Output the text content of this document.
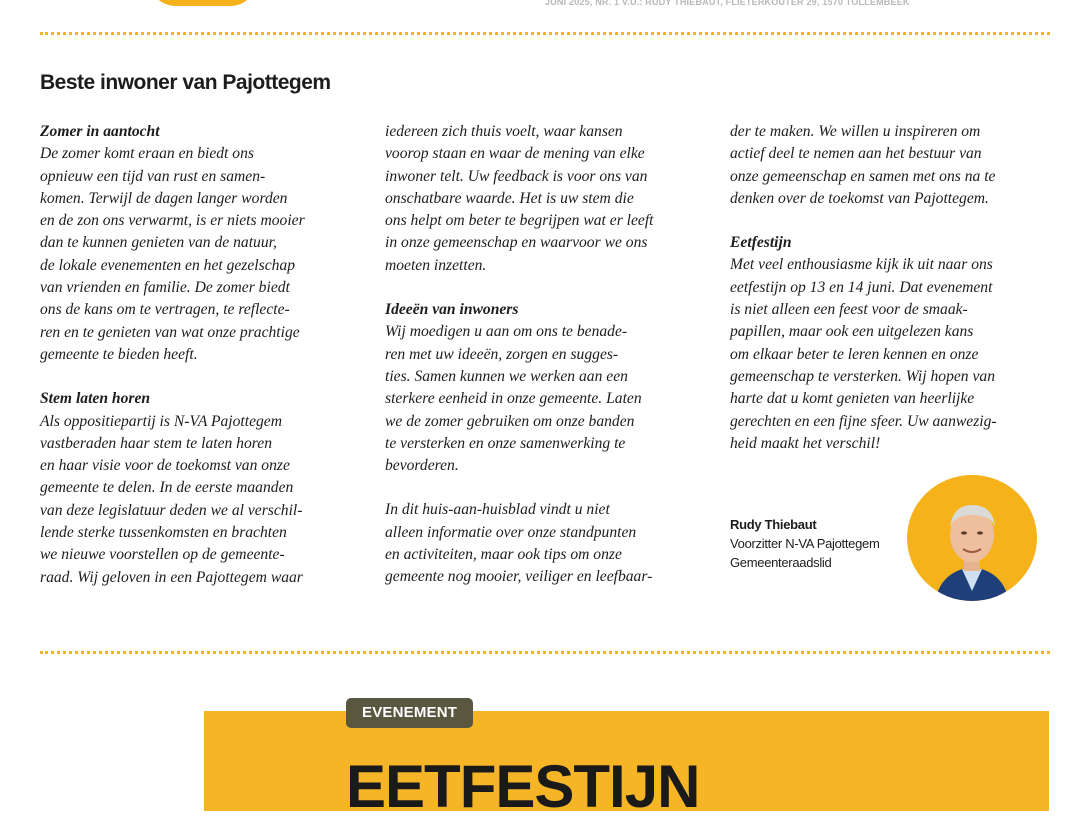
JUNI 2025, NR. 1 V.U.: RUDY THIEBAUT, FLIETERKOUTER 29, 1570 TOLLEMBEEK
Beste inwoner van Pajottegem
Zomer in aantocht

De zomer komt eraan en biedt ons
opnieuw een tijd van rust en samen-
komen. Terwijl de dagen langer worden
en de zon ons verwarmt, is er niets mooier
dan te kunnen genieten van de natuur,
de lokale evenementen en het gezelschap
van vrienden en familie. De zomer biedt
ons de kans om te vertragen, te reflecte-
ren en te genieten van wat onze prachtige
gemeente te bieden heeft.

Stem laten horen

Als oppositiepartij is N-VA Pajottegem
vastberaden haar stem te laten horen
en haar visie voor de toekomst van onze
gemeente te delen. In de eerste maanden
van deze legislatuur deden we al verschil-
lende sterke tussenkomsten en brachten
we nieuwe voorstellen op de gemeente-
raad. Wij geloven in een Pajottegem waar

iedereen zich thuis voelt, waar kansen
voorop staan en waar de mening van elke
inwoner telt. Uw feedback is voor ons van
onschatbare waarde. Het is uw stem die
ons helpt om beter te begrijpen wat er leeft
in onze gemeenschap en waarvoor we ons
moeten inzetten.

Ideeën van inwoners

Wij moedigen u aan om ons te benade-
ren met uw ideeën, zorgen en sugges-
ties. Samen kunnen we werken aan een
sterkere eenheid in onze gemeente. Laten
we de zomer gebruiken om onze banden
te versterken en onze samenwerking te
bevorderen.

In dit huis-aan-huisblad vindt u niet
alleen informatie over onze standpunten
en activiteiten, maar ook tips om onze
gemeente nog mooier, veiliger en leefbaar-

der te maken. We willen u inspireren om
actief deel te nemen aan het bestuur van
onze gemeenschap en samen met ons na te
denken over de toekomst van Pajottegem.

Eetfestijn

Met veel enthousiasme kijk ik uit naar ons
eetfestijn op 13 en 14 juni. Dat evenement
is niet alleen een feest voor de smaak-
papillen, maar ook een uitgelezen kans
om elkaar beter te leren kennen en onze
gemeenschap te versterken. Wij hopen van
harte dat u komt genieten van heerlijke
gerechten en een fijne sfeer. Uw aanwezig-
heid maakt het verschil!

Rudy Thiebaut
Voorzitter N-VA Pajottegem
Gemeenteraadslid
EVENEMENT
EETFESTIJN
